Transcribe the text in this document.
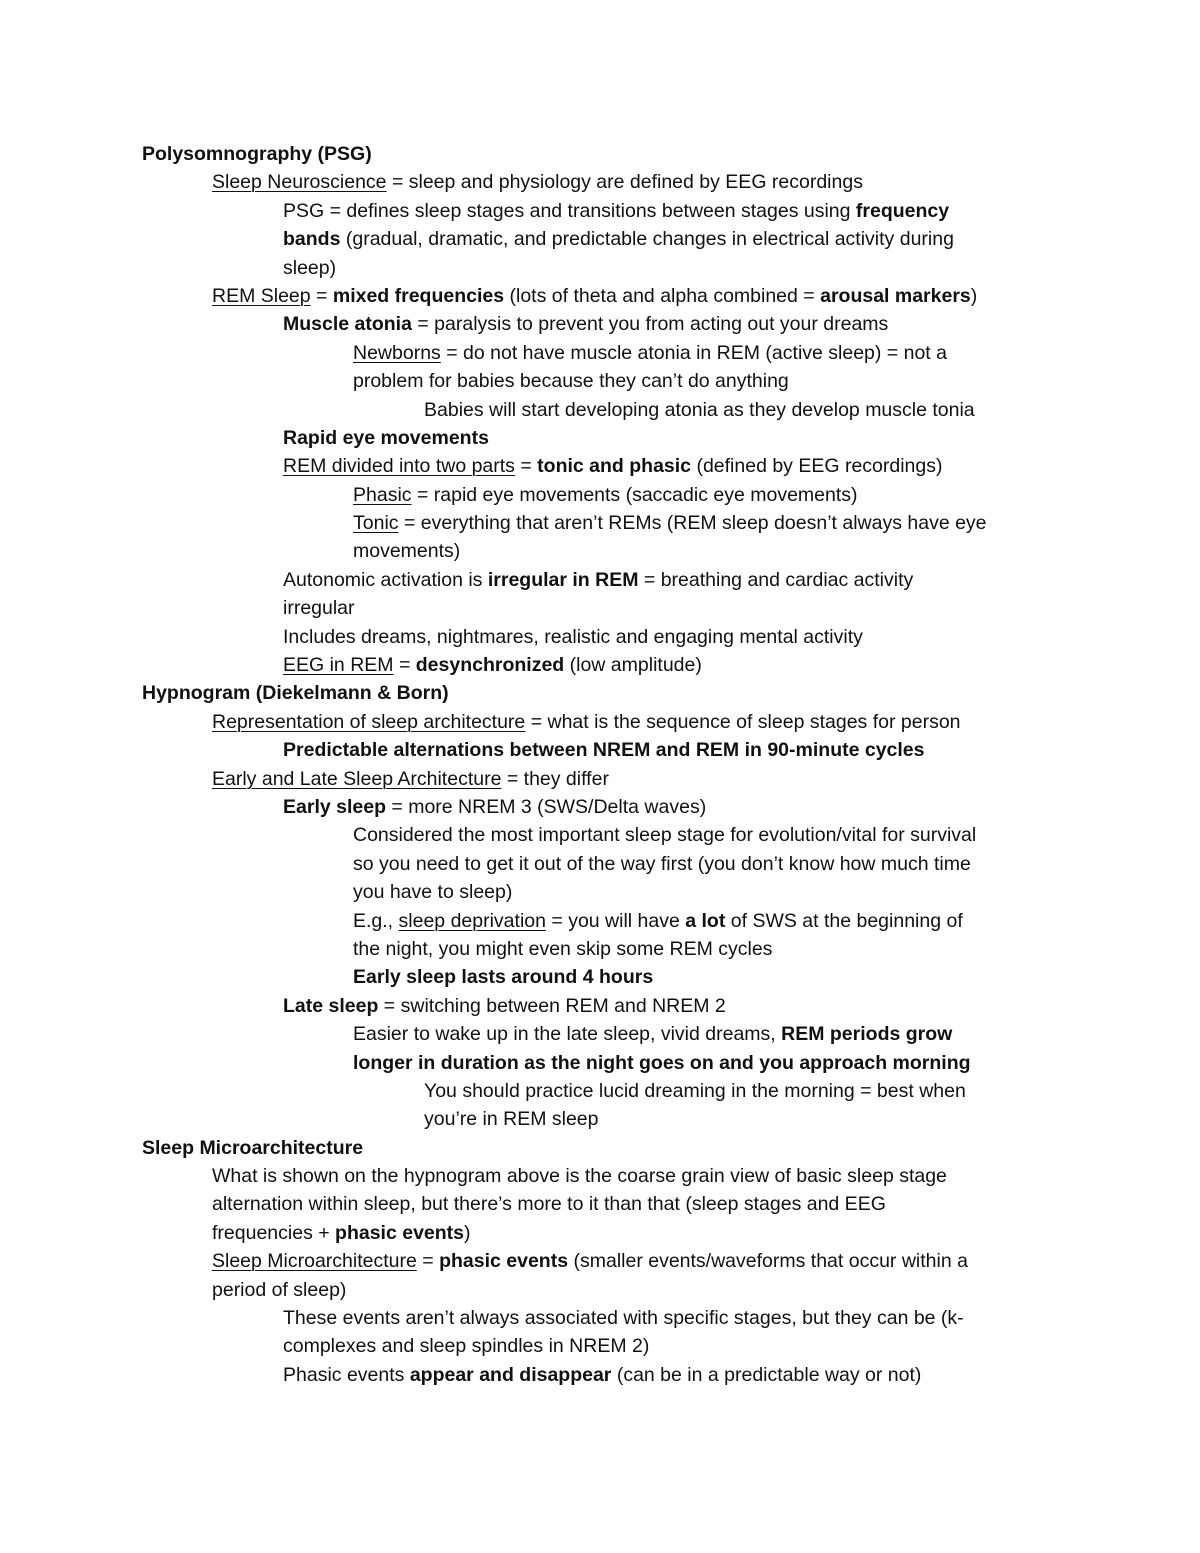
Polysomnography (PSG)
Sleep Neuroscience = sleep and physiology are defined by EEG recordings
PSG = defines sleep stages and transitions between stages using frequency
bands (gradual, dramatic, and predictable changes in electrical activity during
sleep)
REM Sleep = mixed frequencies (lots of theta and alpha combined = arousal markers)
Muscle atonia = paralysis to prevent you from acting out your dreams
Newborns = do not have muscle atonia in REM (active sleep) = not a
problem for babies because they can’t do anything
Babies will start developing atonia as they develop muscle tonia
Rapid eye movements
REM divided into two parts = tonic and phasic (defined by EEG recordings)
Phasic = rapid eye movements (saccadic eye movements)
Tonic = everything that aren’t REMs (REM sleep doesn’t always have eye
movements)
Autonomic activation is irregular in REM = breathing and cardiac activity
irregular
Includes dreams, nightmares, realistic and engaging mental activity
EEG in REM = desynchronized (low amplitude)
Hypnogram (Diekelmann & Born)
Representation of sleep architecture = what is the sequence of sleep stages for person
Predictable alternations between NREM and REM in 90-minute cycles
Early and Late Sleep Architecture = they differ
Early sleep = more NREM 3 (SWS/Delta waves)
Considered the most important sleep stage for evolution/vital for survival
so you need to get it out of the way first (you don’t know how much time
you have to sleep)
E.g., sleep deprivation = you will have a lot of SWS at the beginning of
the night, you might even skip some REM cycles
Early sleep lasts around 4 hours
Late sleep = switching between REM and NREM 2
Easier to wake up in the late sleep, vivid dreams, REM periods grow
longer in duration as the night goes on and you approach morning
You should practice lucid dreaming in the morning = best when
you’re in REM sleep
Sleep Microarchitecture
What is shown on the hypnogram above is the coarse grain view of basic sleep stage
alternation within sleep, but there’s more to it than that (sleep stages and EEG
frequencies + phasic events)
Sleep Microarchitecture = phasic events (smaller events/waveforms that occur within a
period of sleep)
These events aren’t always associated with specific stages, but they can be (k-
complexes and sleep spindles in NREM 2)
Phasic events appear and disappear (can be in a predictable way or not)
